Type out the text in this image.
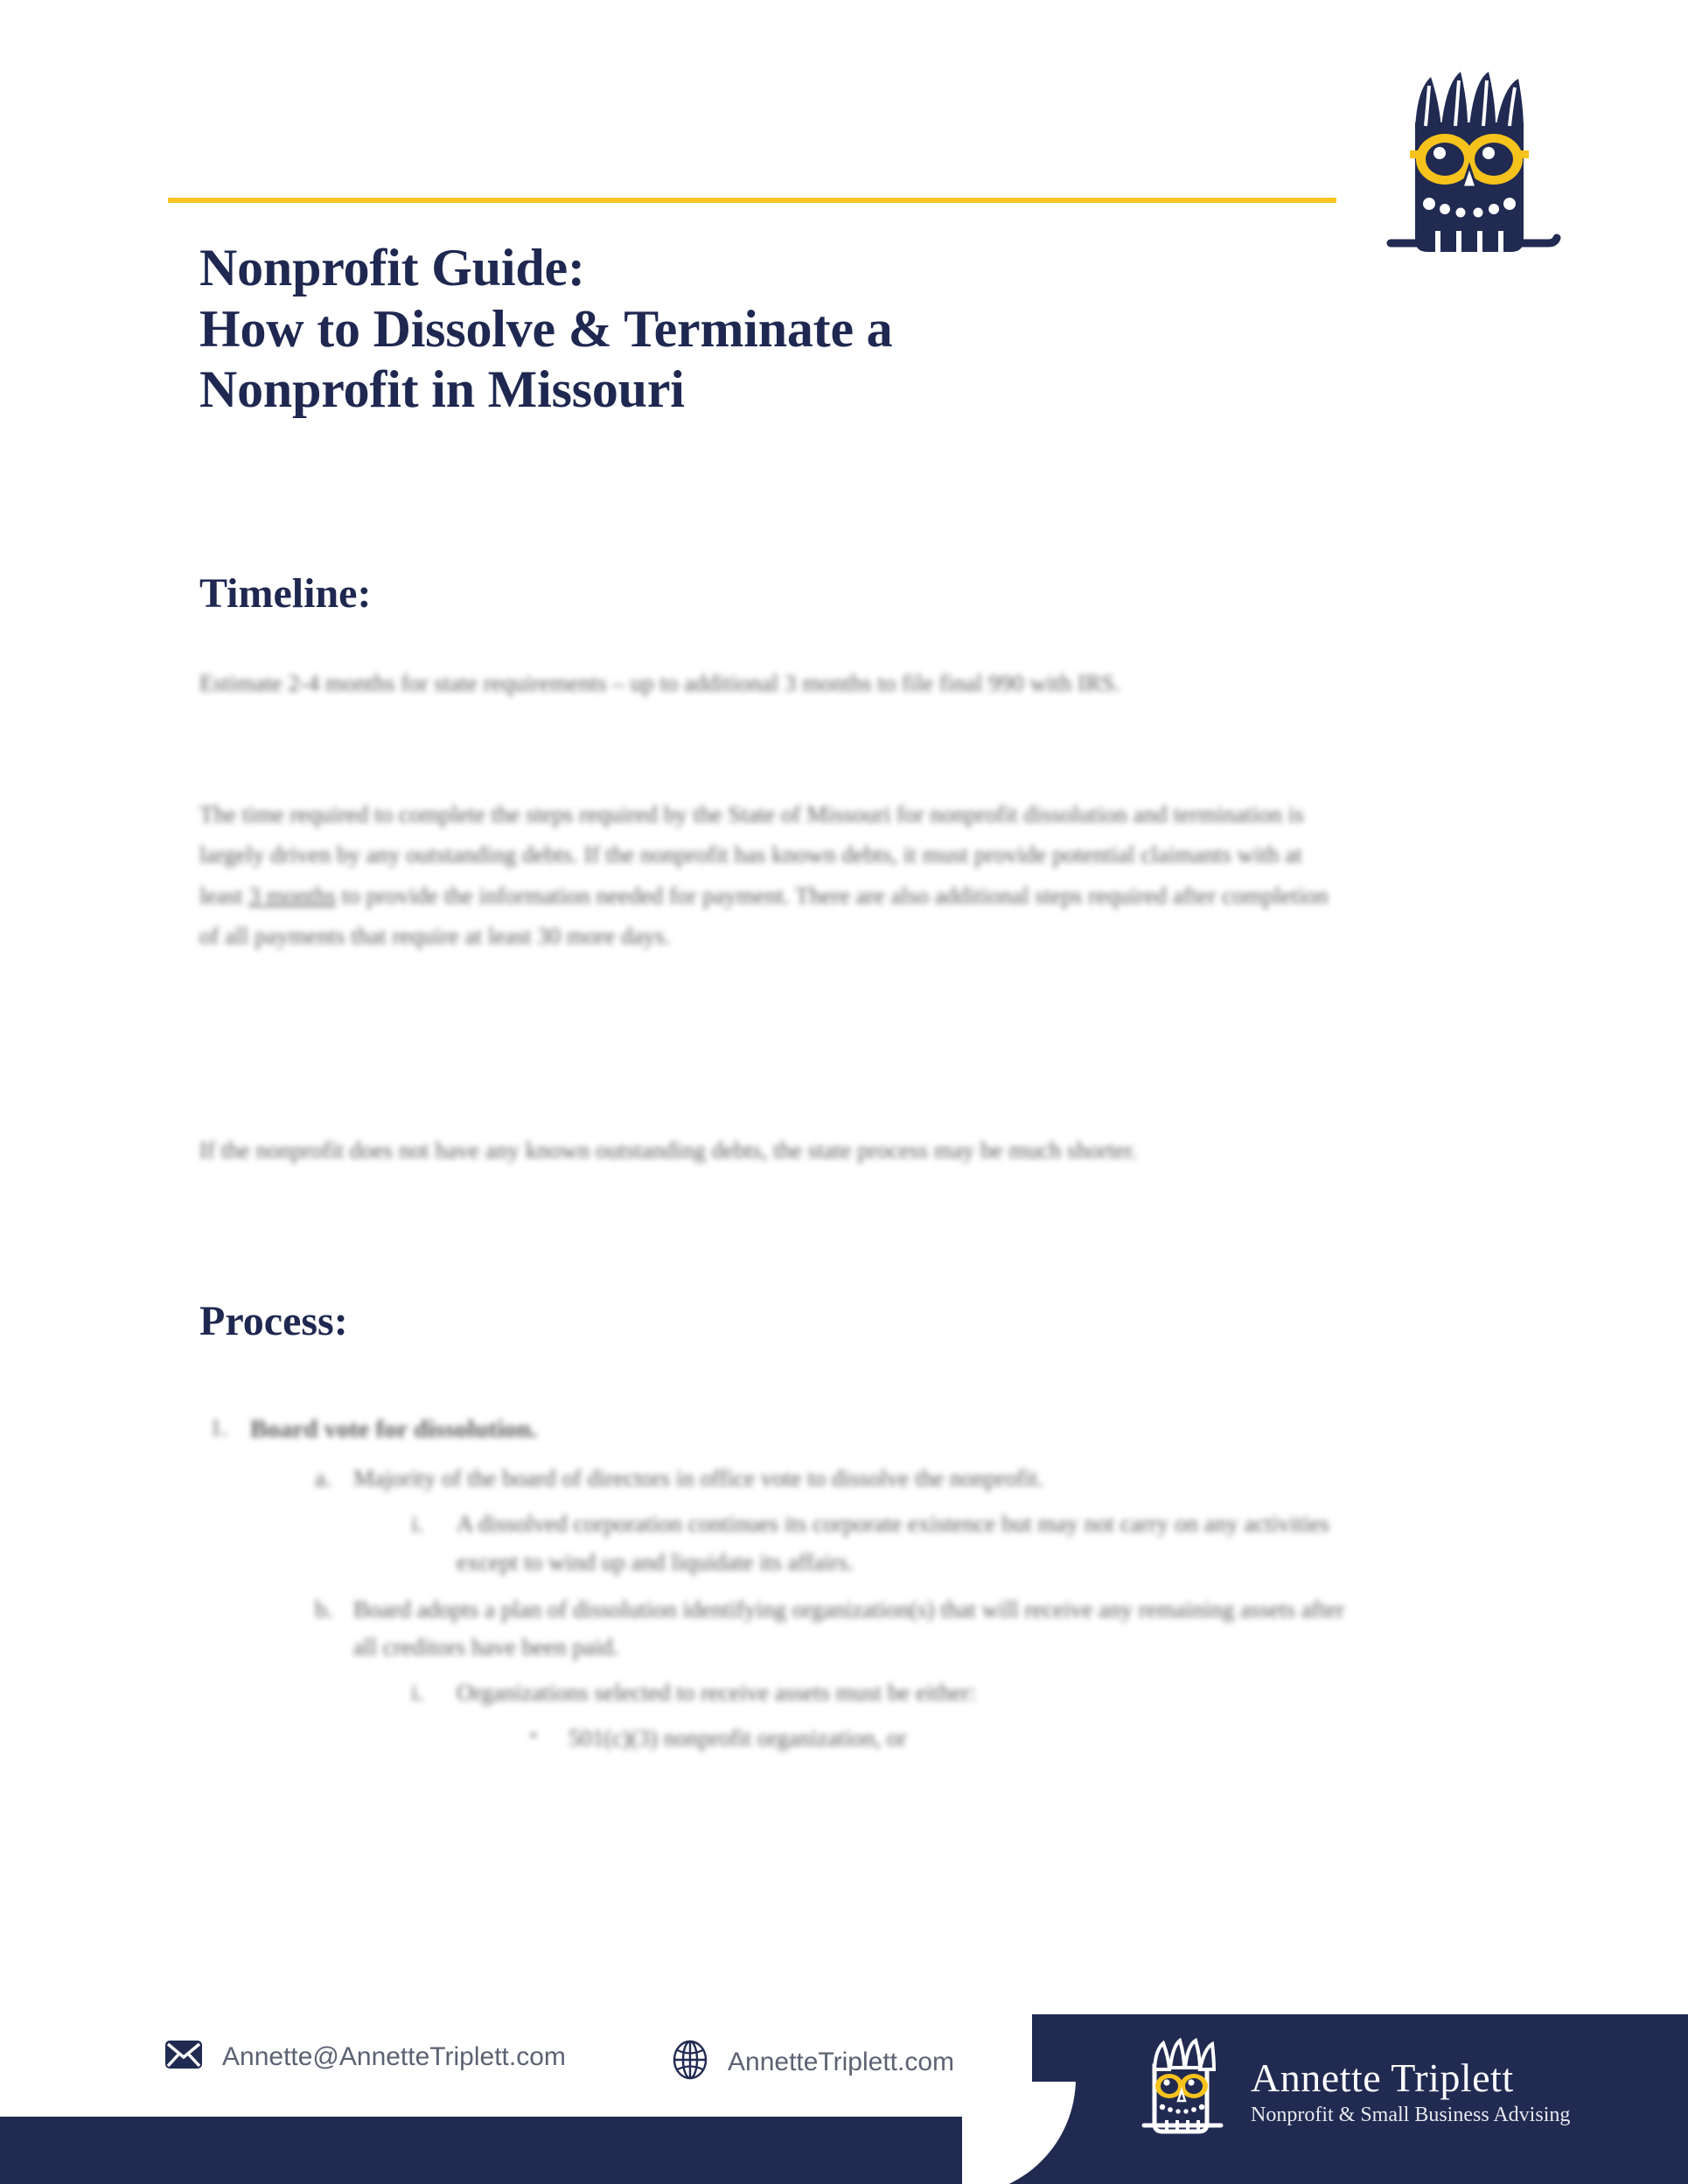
Nonprofit Guide:
How to Dissolve & Terminate a
Nonprofit in Missouri
Timeline:
Estimate 2-4 months for state requirements – up to additional 3 months to file final 990 with IRS.
The time required to complete the steps required by the State of Missouri for nonprofit dissolution and termination is largely driven by any outstanding debts. If the nonprofit has known debts, it must provide potential claimants with at least 3 months to provide the information needed for payment. There are also additional steps required after completion of all payments that require at least 30 more days.
If the nonprofit does not have any known outstanding debts, the state process may be much shorter.
Process:
1. Board vote for dissolution.
a. Majority of the board of directors in office vote to dissolve the nonprofit.
i. A dissolved corporation continues its corporate existence but may not carry on any activities except to wind up and liquidate its affairs.
b. Board adopts a plan of dissolution identifying organization(s) that will receive any remaining assets after all creditors have been paid.
i. Organizations selected to receive assets must be either:
• 501(c)(3) nonprofit organization, or
Annette@AnnetteTriplett.com	AnnetteTriplett.com	Annette Triplett
Nonprofit & Small Business Advising
